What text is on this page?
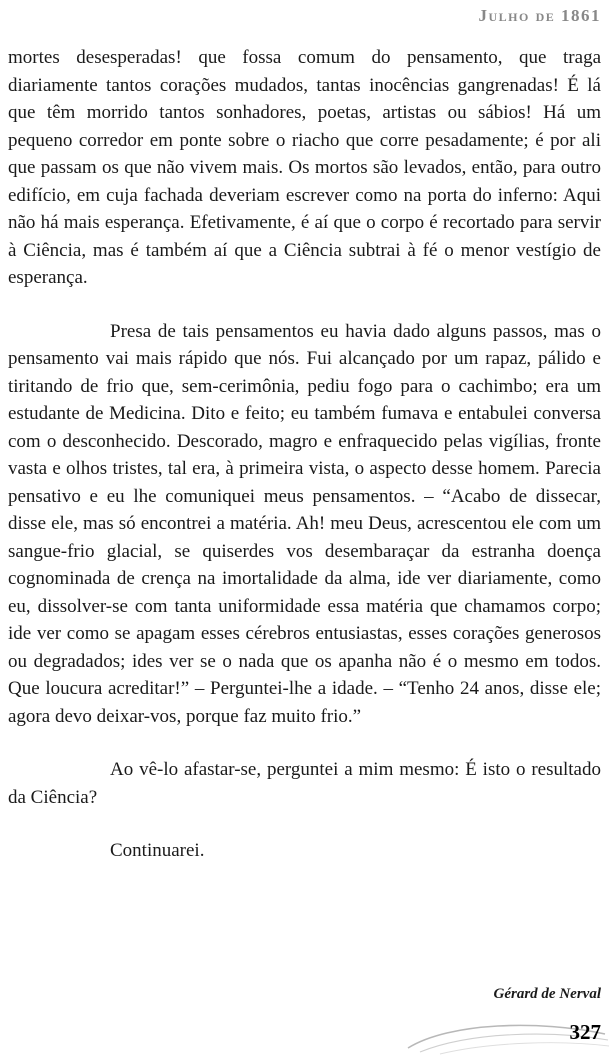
Julho de 1861

mortes desesperadas! que fossa comum do pensamento, que traga diariamente tantos corações mudados, tantas inocências gangrenadas! É lá que têm morrido tantos sonhadores, poetas, artistas ou sábios! Há um pequeno corredor em ponte sobre o riacho que corre pesadamente; é por ali que passam os que não vivem mais. Os mortos são levados, então, para outro edifício, em cuja fachada deveriam escrever como na porta do inferno: Aqui não há mais esperança. Efetivamente, é aí que o corpo é recortado para servir à Ciência, mas é também aí que a Ciência subtrai à fé o menor vestígio de esperança.

Presa de tais pensamentos eu havia dado alguns passos, mas o pensamento vai mais rápido que nós. Fui alcançado por um rapaz, pálido e tiritando de frio que, sem-cerimônia, pediu fogo para o cachimbo; era um estudante de Medicina. Dito e feito; eu também fumava e entabulei conversa com o desconhecido. Descorado, magro e enfraquecido pelas vigílias, fronte vasta e olhos tristes, tal era, à primeira vista, o aspecto desse homem. Parecia pensativo e eu lhe comuniquei meus pensamentos. – “Acabo de dissecar, disse ele, mas só encontrei a matéria. Ah! meu Deus, acrescentou ele com um sangue-frio glacial, se quiserdes vos desembaraçar da estranha doença cognominada de crença na imortalidade da alma, ide ver diariamente, como eu, dissolver-se com tanta uniformidade essa matéria que chamamos corpo; ide ver como se apagam esses cérebros entusiastas, esses corações generosos ou degradados; ides ver se o nada que os apanha não é o mesmo em todos. Que loucura acreditar!” – Perguntei-lhe a idade. – “Tenho 24 anos, disse ele; agora devo deixar-vos, porque faz muito frio.”

Ao vê-lo afastar-se, perguntei a mim mesmo: É isto o resultado da Ciência?

Continuarei.

Gérard de Nerval
327
